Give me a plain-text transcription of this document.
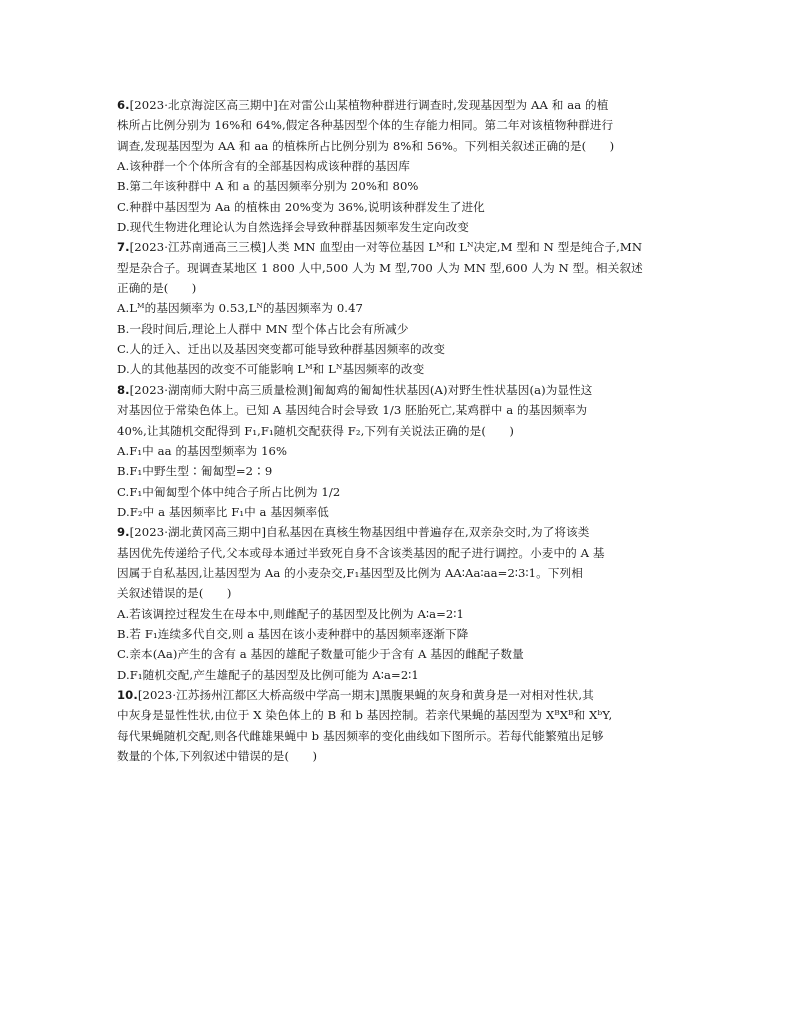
6.[2023·北京海淀区高三期中]在对雷公山某植物种群进行调查时,发现基因型为 AA 和 aa 的植
株所占比例分别为 16%和 64%,假定各种基因型个体的生存能力相同。第二年对该植物种群进行
调查,发现基因型为 AA 和 aa 的植株所占比例分别为 8%和 56%。下列相关叙述正确的是(　　)
A.该种群一个个体所含有的全部基因构成该种群的基因库
B.第二年该种群中 A 和 a 的基因频率分别为 20%和 80%
C.种群中基因型为 Aa 的植株由 20%变为 36%,说明该种群发生了进化
D.现代生物进化理论认为自然选择会导致种群基因频率发生定向改变
7.[2023·江苏南通高三三模]人类 MN 血型由一对等位基因 Lᴹ和 Lᴺ决定,M 型和 N 型是纯合子,MN
型是杂合子。现调查某地区 1 800 人中,500 人为 M 型,700 人为 MN 型,600 人为 N 型。相关叙述
正确的是(　　)
A.Lᴹ的基因频率为 0.53,Lᴺ的基因频率为 0.47
B.一段时间后,理论上人群中 MN 型个体占比会有所减少
C.人的迁入、迁出以及基因突变都可能导致种群基因频率的改变
D.人的其他基因的改变不可能影响 Lᴹ和 Lᴺ基因频率的改变
8.[2023·湖南师大附中高三质量检测]匍匐鸡的匍匐性状基因(A)对野生性状基因(a)为显性这
对基因位于常染色体上。已知 A 基因纯合时会导致 1/3 胚胎死亡,某鸡群中 a 的基因频率为
40%,让其随机交配得到 F₁,F₁随机交配获得 F₂,下列有关说法正确的是(　　)
A.F₁中 aa 的基因型频率为 16%
B.F₁中野生型∶匍匐型=2∶9
C.F₁中匍匐型个体中纯合子所占比例为 1/2
D.F₂中 a 基因频率比 F₁中 a 基因频率低
9.[2023·湖北黄冈高三期中]自私基因在真核生物基因组中普遍存在,双亲杂交时,为了将该类
基因优先传递给子代,父本或母本通过半致死自身不含该类基因的配子进行调控。小麦中的 A 基
因属于自私基因,让基因型为 Aa 的小麦杂交,F₁基因型及比例为 AA∶Aa∶aa=2∶3∶1。下列相
关叙述错误的是(　　)
A.若该调控过程发生在母本中,则雌配子的基因型及比例为 A∶a=2∶1
B.若 F₁连续多代自交,则 a 基因在该小麦种群中的基因频率逐渐下降
C.亲本(Aa)产生的含有 a 基因的雄配子数量可能少于含有 A 基因的雌配子数量
D.F₁随机交配,产生雄配子的基因型及比例可能为 A∶a=2∶1
10.[2023·江苏扬州江都区大桥高级中学高一期末]黑腹果蝇的灰身和黄身是一对相对性状,其
中灰身是显性性状,由位于 X 染色体上的 B 和 b 基因控制。若亲代果蝇的基因型为 XᴮXᴮ和 XᵇY,
每代果蝇随机交配,则各代雌雄果蝇中 b 基因频率的变化曲线如下图所示。若每代能繁殖出足够
数量的个体,下列叙述中错误的是(　　)
